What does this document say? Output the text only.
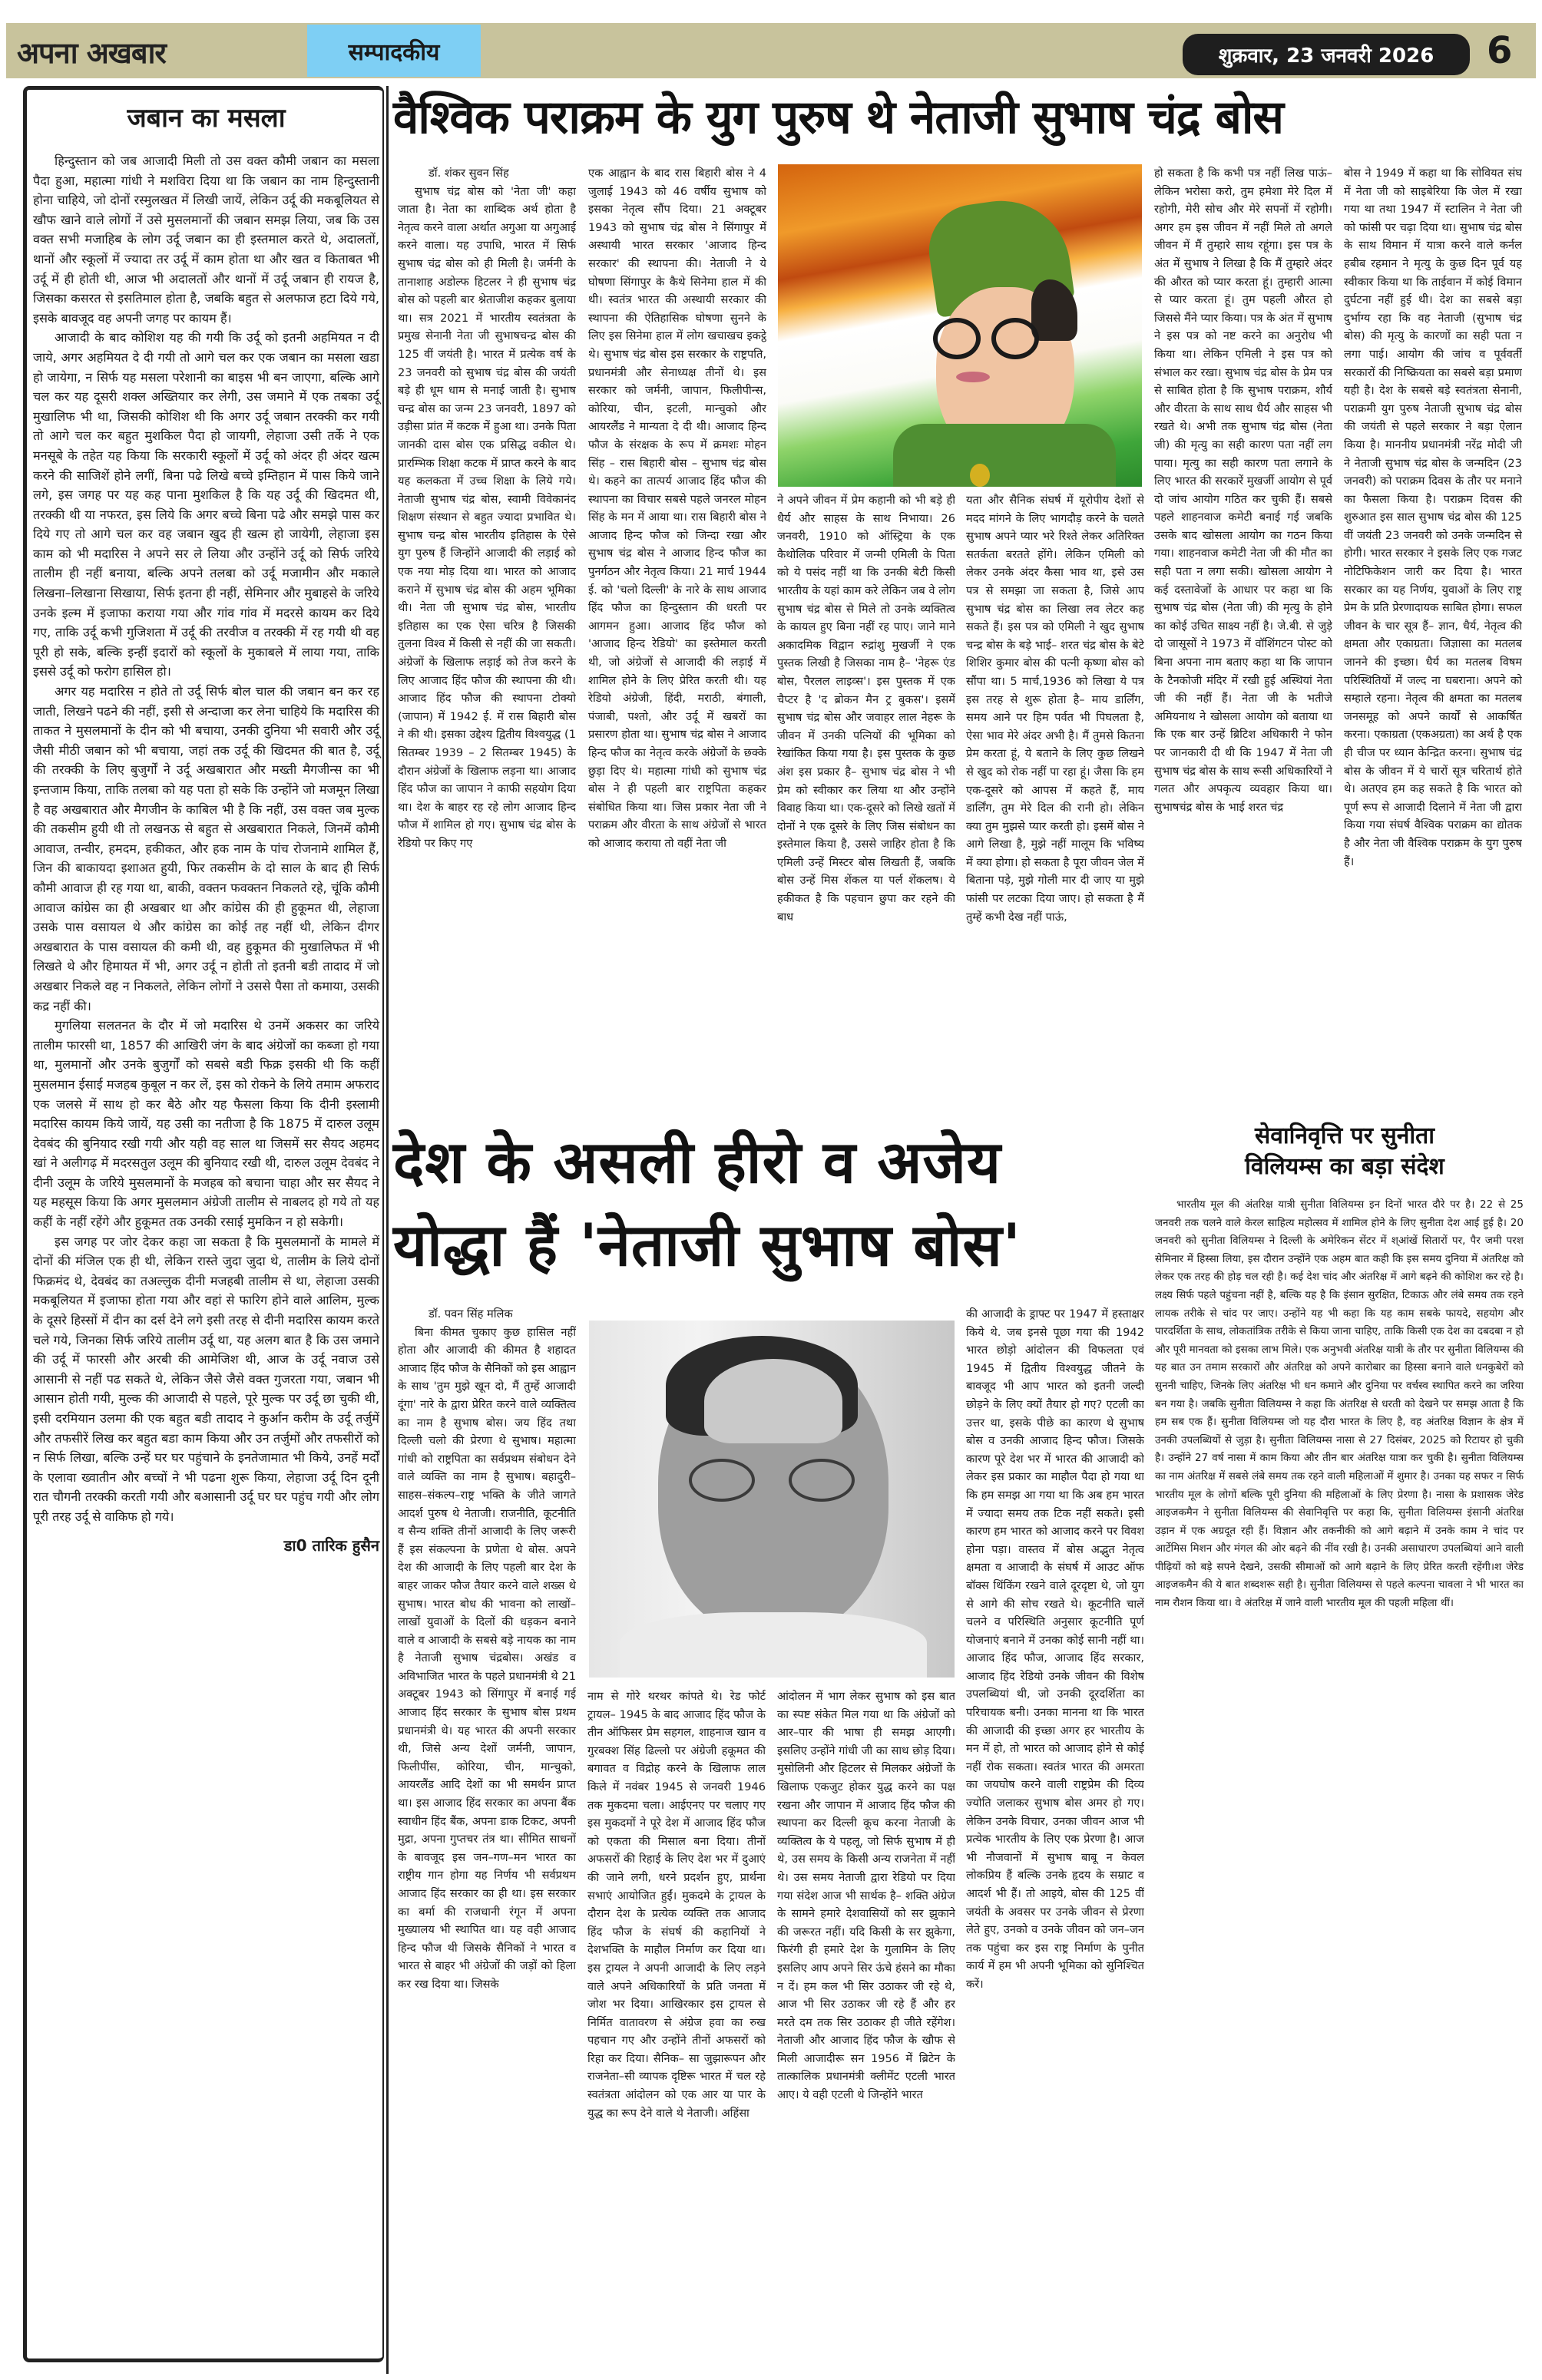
अपना अखबार	सम्पादकीय	शुक्रवार, 23 जनवरी 2026	6
जबान का मसला

हिन्दुस्तान को जब आजादी मिली तो उस वक्त कौमी जबान का मसला पैदा हुआ, महात्मा गांधी ने मशविरा दिया था कि जबान का नाम हिन्दुस्तानी होना चाहिये, जो दोनों रस्मुलखत में लिखी जायें, लेकिन उर्दू की मकबूलियत से खौफ खाने वाले लोगों नें उसे मुसलमानों की जबान समझ लिया, जब कि उस वक्त सभी मजाहिब के लोग उर्दू जबान का ही इस्तमाल करते थे, अदालतों, थानों और स्कूलों में ज्यादा तर उर्दू में काम होता था और खत व किताबत भी उर्दू में ही होती थी, आज भी अदालतों और थानों में उर्दू जबान ही रायज है, जिसका कसरत से इसतिमाल होता है, जबकि बहुत से अलफाज हटा दिये गये, इसके बावजूद वह अपनी जगह पर कायम हैं।

आजादी के बाद कोशिश यह की गयी कि उर्दू को इतनी अहमियत न दी जाये, अगर अहमियत दे दी गयी तो आगे चल कर एक जबान का मसला खडा हो जायेगा, न सिर्फ यह मसला परेशानी का बाइस भी बन जाएगा, बल्कि आगे चल कर यह दूसरी शक्ल अख्तियार कर लेगी, उस जमाने में एक तबका उर्दू मुखालिफ भी था, जिसकी कोशिश थी कि अगर उर्दू जबान तरक्की कर गयी तो आगे चल कर बहुत मुशकिल पैदा हो जायगी, लेहाजा उसी तर्के ने एक मनसूबे के तहेत यह किया कि सरकारी स्कूलों में उर्दू को अंदर ही अंदर खत्म करने की साजिशें होने लगीं, बिना पढे लिखे बच्चे इम्तिहान में पास किये जाने लगे, इस जगह पर यह कह पाना मुशकिल है कि यह उर्दू की खिदमत थी, तरक्की थी या नफरत, इस लिये कि अगर बच्चे बिना पढे और समझे पास कर दिये गए तो आगे चल कर वह जबान खुद ही खत्म हो जायेगी, लेहाजा इस काम को भी मदारिस ने अपने सर ले लिया और उन्होंने उर्दू को सिर्फ जरिये तालीम ही नहीं बनाया, बल्कि अपने तलबा को उर्दू मजामीन और मकाले लिखना–लिखाना सिखाया, सिर्फ इतना ही नहीं, सेमिनार और मुबाहसे के जरिये उनके इल्म में इजाफा कराया गया और गांव गांव में मदरसे कायम कर दिये गए, ताकि उर्दू कभी गुजिशता में उर्दू की तरवीज व तरक्की में रह गयी थी वह पूरी हो सके, बल्कि इन्हीं इदारों को स्कूलों के मुकाबले में लाया गया, ताकि इससे उर्दू को फरोग हासिल हो।

अगर यह मदारिस न होते तो उर्दू सिर्फ बोल चाल की जबान बन कर रह जाती, लिखने पढने की नहीं, इसी से अन्दाजा कर लेना चाहिये कि मदारिस की ताकत ने मुसलमानों के दीन को भी बचाया, उनकी दुनिया भी सवारी और उर्दू जैसी मीठी जबान को भी बचाया, जहां तक उर्दू की खिदमत की बात है, उर्दू की तरक्की के लिए बुजुर्गों ने उर्दू अखबारात और मख्ती मैगजीन्स का भी इन्तजाम किया, ताकि तलबा को यह पता हो सके कि उन्होंने जो मजमून लिखा है वह अखबारात और मैगजीन के काबिल भी है कि नहीं, उस वक्त जब मुल्क की तकसीम हुयी थी तो लखनऊ से बहुत से अखबारात निकले, जिनमें कौमी आवाज, तन्वीर, हमदम, हकीकत, और हक नाम के पांच रोजनामे शामिल हैं, जिन की बाकायदा इशाअत हुयी, फिर तकसीम के दो साल के बाद ही सिर्फ कौमी आवाज ही रह गया था, बाकी, वक्तन फवक्तन निकलते रहे, चूंकि कौमी आवाज कांग्रेस का ही अखबार था और कांग्रेस की ही हुकूमत थी, लेहाजा उसके पास वसायल थे और कांग्रेस का कोई तह नहीं थी, लेकिन दीगर अखबारात के पास वसायल की कमी थी, वह हुकूमत की मुखालिफत में भी लिखते थे और हिमायत में भी, अगर उर्दू न होती तो इतनी बडी तादाद में जो अखबार निकले वह न निकलते, लेकिन लोगों ने उससे पैसा तो कमाया, उसकी कद्र नहीं की।

मुगलिया सलतनत के दौर में जो मदारिस थे उनमें अकसर का जरिये तालीम फारसी था, 1857 की आखिरी जंग के बाद अंग्रेजों का कब्जा हो गया था, मुलमानों और उनके बुजुर्गों को सबसे बडी फिक्र इसकी थी कि कहीं मुसलमान ईसाई मजहब कुबूल न कर लें, इस को रोकने के लिये तमाम अफराद एक जलसे में साथ हो कर बैठे और यह फैसला किया कि दीनी इस्लामी मदारिस कायम किये जायें, यह उसी का नतीजा है कि 1875 में दारुल उलूम देवबंद की बुनियाद रखी गयी और यही वह साल था जिसमें सर सैयद अहमद खां ने अलीगढ़ में मदरसतुल उलूम की बुनियाद रखी थी, दारुल उलूम देवबंद ने दीनी उलूम के जरिये मुसलमानों के मजहब को बचाना चाहा और सर सैयद ने यह महसूस किया कि अगर मुसलमान अंग्रेजी तालीम से नाबलद हो गये तो यह कहीं के नहीं रहेंगे और हुकूमत तक उनकी रसाई मुमकिन न हो सकेगी।

इस जगह पर जोर देकर कहा जा सकता है कि मुसलमानों के मामले में दोनों की मंजिल एक ही थी, लेकिन रास्ते जुदा जुदा थे, तालीम के लिये दोनों फिक्रमंद थे, देवबंद का तअल्लुक दीनी मजहबी तालीम से था, लेहाजा उसकी मकबूलियत में इजाफा होता गया और वहां से फारिग होने वाले आलिम, मुल्क के दूसरे हिस्सों में दीन का दर्स देने लगे इसी तरह से दीनी मदारिस कायम करते चले गये, जिनका सिर्फ जरिये तालीम उर्दू था, यह अलग बात है कि उस जमाने की उर्दू में फारसी और अरबी की आमेजिश थी, आज के उर्दू नवाज उसे आसानी से नहीं पढ सकते थे, लेकिन जैसे जैसे वक्त गुजरता गया, जबान भी आसान होती गयी, मुल्क की आजादी से पहले, पूरे मुल्क पर उर्दू छा चुकी थी, इसी दरमियान उलमा की एक बहुत बडी तादाद ने कुर्आन करीम के उर्दू तर्जुमें और तफसीरें लिख कर बहुत बडा काम किया और उन तर्जुमों और तफसीरों को न सिर्फ लिखा, बल्कि उन्हें घर घर पहुंचाने के इनतेजामात भी किये, उनहें मर्दों के एलावा ख्वातीन और बच्चों ने भी पढना शुरू किया, लेहाजा उर्दू दिन दूनी रात चौगनी तरक्की करती गयी और बआसानी उर्दू घर घर पहुंच गयी और लोग पूरी तरह उर्दू से वाकिफ हो गये।

डा0 तारिक हुसैन
वैश्विक पराक्रम के युग पुरुष थे नेताजी सुभाष चंद्र बोस

डॉ. शंकर सुवन सिंह

सुभाष चंद्र बोस को 'नेता जी' कहा जाता है। नेता का शाब्दिक अर्थ होता है नेतृत्व करने वाला अर्थात अगुआ या अगुआई करने वाला। यह उपाधि, भारत में सिर्फ सुभाष चंद्र बोस को ही मिली है। जर्मनी के तानाशाह अडोल्फ हिटलर ने ही सुभाष चंद्र बोस को पहली बार श्नेताजीश कहकर बुलाया था। सत्र 2021 में भारतीय स्वतंत्रता के प्रमुख सेनानी नेता जी सुभाषचन्द्र बोस की 125 वीं जयंती है। भारत में प्रत्येक वर्ष के 23 जनवरी को सुभाष चंद्र बोस की जयंती बड़े ही धूम धाम से मनाई जाती है। सुभाष चन्द्र बोस का जन्म 23 जनवरी, 1897 को उड़ीसा प्रांत में कटक में हुआ था। उनके पिता जानकी दास बोस एक प्रसिद्ध वकील थे। प्रारम्भिक शिक्षा कटक में प्राप्त करने के बाद यह कलकता में उच्च शिक्षा के लिये गये। नेताजी सुभाष चंद्र बोस, स्वामी विवेकानंद शिक्षण संस्थान से बहुत ज्यादा प्रभावित थे। सुभाष चन्द्र बोस भारतीय इतिहास के ऐसे युग पुरुष हैं जिन्होंने आजादी की लड़ाई को एक नया मोड़ दिया था। भारत को आजाद कराने में सुभाष चंद्र बोस की अहम भूमिका थी। नेता जी सुभाष चंद्र बोस, भारतीय इतिहास का एक ऐसा चरित्र है जिसकी तुलना विश्व में किसी से नहीं की जा सकती। अंग्रेजों के खिलाफ लड़ाई को तेज करने के लिए आजाद हिंद फौज की स्थापना की थी। आजाद हिंद फौज की स्थापना टोक्यो (जापान) में 1942 ई. में रास बिहारी बोस ने की थी। इसका उद्देश्य द्वितीय विश्वयुद्ध (1 सितम्बर 1939 – 2 सितम्बर 1945) के दौरान अंग्रेजों के खिलाफ लड़ना था। आजाद हिंद फौज का जापान ने काफी सहयोग दिया था। देश के बाहर रह रहे लोग आजाद हिन्द फौज में शामिल हो गए। सुभाष चंद्र बोस के रेडियो पर किए गए

एक आह्वान के बाद रास बिहारी बोस ने 4 जुलाई 1943 को 46 वर्षीय सुभाष को इसका नेतृत्व सौंप दिया। 21 अक्टूबर 1943 को सुभाष चंद्र बोस ने सिंगापुर में अस्थायी भारत सरकार 'आजाद हिन्द सरकार' की स्थापना की। नेताजी ने ये घोषणा सिंगापुर के कैथे सिनेमा हाल में की थी। स्वतंत्र भारत की अस्थायी सरकार की स्थापना की ऐतिहासिक घोषणा सुनने के लिए इस सिनेमा हाल में लोग खचाखच इकट्ठे थे। सुभाष चंद्र बोस इस सरकार के राष्ट्रपति, प्रधानमंत्री और सेनाध्यक्ष तीनों थे। इस सरकार को जर्मनी, जापान, फिलीपीन्स, कोरिया, चीन, इटली, मान्चुको और आयरलैंड ने मान्यता दे दी थी। आजाद हिन्द फौज के संरक्षक के रूप में क्रमशः मोहन सिंह – रास बिहारी बोस – सुभाष चंद्र बोस थे। कहने का तात्पर्य आजाद हिंद फौज की स्थापना का विचार सबसे पहले जनरल मोहन सिंह के मन में आया था। रास बिहारी बोस ने आजाद हिन्द फौज को जिन्दा रखा और सुभाष चंद्र बोस ने आजाद हिन्द फौज का पुनर्गठन और नेतृत्व किया। 21 मार्च 1944 ई. को 'चलो दिल्ली' के नारे के साथ आजाद हिंद फौज का हिन्दुस्तान की धरती पर आगमन हुआ। आजाद हिंद फौज को 'आजाद हिन्द रेडियो' का इस्तेमाल करती थी, जो अंग्रेजों से आजादी की लड़ाई में शामिल होने के लिए प्रेरित करती थी। यह रेडियो अंग्रेजी, हिंदी, मराठी, बंगाली, पंजाबी, पश्तो, और उर्दू में खबरों का प्रसारण होता था। सुभाष चंद्र बोस ने आजाद हिन्द फौज का नेतृत्व करके अंग्रेजों के छक्के छुड़ा दिए थे। महात्मा गांधी को सुभाष चंद्र बोस ने ही पहली बार राष्ट्रपिता कहकर संबोधित किया था। जिस प्रकार नेता जी ने पराक्रम और वीरता के साथ अंग्रेजों से भारत को आजाद कराया तो वहीं नेता जी

ने अपने जीवन में प्रेम कहानी को भी बड़े ही धैर्य और साहस के साथ निभाया। 26 जनवरी, 1910 को ऑस्ट्रिया के एक कैथोलिक परिवार में जन्मी एमिली के पिता को ये पसंद नहीं था कि उनकी बेटी किसी भारतीय के यहां काम करे लेकिन जब वे लोग सुभाष चंद्र बोस से मिले तो उनके व्यक्तित्व के कायल हुए बिना नहीं रह पाए। जाने माने अकादमिक विद्वान रुद्रांशु मुखर्जी ने एक पुस्तक लिखी है जिसका नाम है– 'नेहरू एंड बोस, पैरलल लाइव्स'। इस पुस्तक में एक चैप्टर है 'द ब्रोकन मैन ट्र बुकस'। इसमें सुभाष चंद्र बोस और जवाहर लाल नेहरू के जीवन में उनकी पत्नियों की भूमिका को रेखांकित किया गया है। इस पुस्तक के कुछ अंश इस प्रकार है– सुभाष चंद्र बोस ने भी प्रेम को स्वीकार कर लिया था और उन्होंने विवाह किया था। एक-दूसरे को लिखे खतों में दोनों ने एक दूसरे के लिए जिस संबोधन का इस्तेमाल किया है, उससे जाहिर होता है कि एमिली उन्हें मिस्टर बोस लिखती हैं, जबकि बोस उन्हें मिस शेंकल या पर्ल शेंकलष। ये हकीकत है कि पहचान छुपा कर रहने की बाध

यता और सैनिक संघर्ष में यूरोपीय देशों से मदद मांगने के लिए भागदौड़ करने के चलते सुभाष अपने प्यार भरे रिश्ते लेकर अतिरिक्त सतर्कता बरतते होंगे। लेकिन एमिली को लेकर उनके अंदर कैसा भाव था, इसे उस पत्र से समझा जा सकता है, जिसे आप सुभाष चंद्र बोस का लिखा लव लेटर कह सकते हैं। इस पत्र को एमिली ने खुद सुभाष चन्द्र बोस के बड़े भाई– शरत चंद्र बोस के बेटे शिशिर कुमार बोस की पत्नी कृष्णा बोस को सौंपा था। 5 मार्च,1936 को लिखा ये पत्र इस तरह से शुरू होता है– माय डार्लिंग, समय आने पर हिम पर्वत भी पिघलता है, ऐसा भाव मेरे अंदर अभी है। मैं तुमसे कितना प्रेम करता हूं, ये बताने के लिए कुछ लिखने से खुद को रोक नहीं पा रहा हूं। जैसा कि हम एक-दूसरे को आपस में कहते हैं, माय डार्लिंग, तुम मेरे दिल की रानी हो। लेकिन क्या तुम मुझसे प्यार करती हो। इसमें बोस ने आगे लिखा है, मुझे नहीं मालूम कि भविष्य में क्या होगा। हो सकता है पूरा जीवन जेल में बिताना पड़े, मुझे गोली मार दी जाए या मुझे फांसी पर लटका दिया जाए। हो सकता है मैं तुम्हें कभी देख नहीं पाऊं,

हो सकता है कि कभी पत्र नहीं लिख पाऊं– लेकिन भरोसा करो, तुम हमेशा मेरे दिल में रहोगी, मेरी सोच और मेरे सपनों में रहोगी। अगर हम इस जीवन में नहीं मिले तो अगले जीवन में मैं तुम्हारे साथ रहूंगा। इस पत्र के अंत में सुभाष ने लिखा है कि मैं तुम्हारे अंदर की औरत को प्यार करता हूं। तुम्हारी आत्मा से प्यार करता हूं। तुम पहली औरत हो जिससे मैंने प्यार किया। पत्र के अंत में सुभाष ने इस पत्र को नष्ट करने का अनुरोध भी किया था। लेकिन एमिली ने इस पत्र को संभाल कर रखा। सुभाष चंद्र बोस के प्रेम पत्र से साबित होता है कि सुभाष पराक्रम, शौर्य और वीरता के साथ साथ धैर्य और साहस भी रखते थे। अभी तक सुभाष चंद्र बोस (नेता जी) की मृत्यु का सही कारण पता नहीं लग पाया। मृत्यु का सही कारण पता लगाने के लिए भारत की सरकारें मुखर्जी आयोग से पूर्व दो जांच आयोग गठित कर चुकी हैं। सबसे पहले शाहनवाज कमेटी बनाई गई जबकि उसके बाद खोसला आयोग का गठन किया गया। शाहनवाज कमेटी नेता जी की मौत का सही पता न लगा सकी। खोसला आयोग ने कई दस्तावेजों के आधार पर कहा था कि सुभाष चंद्र बोस (नेता जी) की मृत्यु के होने का कोई उचित साक्ष्य नहीं है। जे.बी. से जुड़े दो जासूसों ने 1973 में वॉशिंगटन पोस्ट को बिना अपना नाम बताए कहा था कि जापान के टैनकोजी मंदिर में रखी हुई अस्थियां नेता जी की नहीं हैं। नेता जी के भतीजे अमियनाथ ने खोसला आयोग को बताया था कि एक बार उन्हें ब्रिटिश अधिकारी ने फोन पर जानकारी दी थी कि 1947 में नेता जी सुभाष चंद्र बोस के साथ रूसी अधिकारियों ने गलत और अपकृत्य व्यवहार किया था। सुभाषचंद्र बोस के भाई शरत चंद्र

बोस ने 1949 में कहा था कि सोवियत संघ में नेता जी को साइबेरिया कि जेल में रखा गया था तथा 1947 में स्टालिन ने नेता जी को फांसी पर चढ़ा दिया था। सुभाष चंद्र बोस के साथ विमान में यात्रा करने वाले कर्नल हबीब रहमान ने मृत्यु के कुछ दिन पूर्व यह स्वीकार किया था कि ताईवान में कोई विमान दुर्घटना नहीं हुई थी। देश का सबसे बड़ा दुर्भाग्य रहा कि वह नेताजी (सुभाष चंद्र बोस) की मृत्यु के कारणों का सही पता न लगा पाई। आयोग की जांच व पूर्ववर्ती सरकारों की निष्क्रियता का सबसे बड़ा प्रमाण यही है। देश के सबसे बड़े स्वतंत्रता सेनानी, पराक्रमी युग पुरुष नेताजी सुभाष चंद्र बोस की जयंती से पहले सरकार ने बड़ा ऐलान किया है। माननीय प्रधानमंत्री नरेंद्र मोदी जी ने नेताजी सुभाष चंद्र बोस के जन्मदिन (23 जनवरी) को पराक्रम दिवस के तौर पर मनाने का फैसला किया है। पराक्रम दिवस की शुरुआत इस साल सुभाष चंद्र बोस की 125 वीं जयंती 23 जनवरी को उनके जन्मदिन से होगी। भारत सरकार ने इसके लिए एक गजट नोटिफिकेशन जारी कर दिया है। भारत सरकार का यह निर्णय, युवाओं के लिए राष्ट्र प्रेम के प्रति प्रेरणादायक साबित होगा। सफल जीवन के चार सूत्र हैं– ज्ञान, धैर्य, नेतृत्व की क्षमता और एकाग्रता। जिज्ञासा का मतलब जानने की इच्छा। धैर्य का मतलब विषम परिस्थितियों में जल्द ना घबराना। अपने को सम्हाले रहना। नेतृत्व की क्षमता का मतलब जनसमूह को अपने कार्यों से आकर्षित करना। एकाग्रता (एकअग्रता) का अर्थ है एक ही चीज पर ध्यान केन्द्रित करना। सुभाष चंद्र बोस के जीवन में ये चारों सूत्र चरितार्थ होते थे। अतएव हम कह सकते है कि भारत को पूर्ण रूप से आजादी दिलाने में नेता जी द्वारा किया गया संघर्ष वैश्विक पराक्रम का द्योतक है और नेता जी वैश्विक पराक्रम के युग पुरुष हैं।

देश के असली हीरो व अजेय
योद्धा हैं 'नेताजी सुभाष बोस'

डॉ. पवन सिंह मलिक

बिना कीमत चुकाए कुछ हासिल नहीं होता और आजादी की कीमत है शहादत आजाद हिंद फौज के सैनिकों को इस आह्वान के साथ 'तुम मुझे खून दो, मैं तुम्हें आजादी दूंगा' नारे के द्वारा प्रेरित करने वाले व्यक्तित्व का नाम है सुभाष बोस। जय हिंद तथा दिल्ली चलो की प्रेरणा थे सुभाष। महात्मा गांधी को राष्ट्रपिता का सर्वप्रथम संबोधन देने वाले व्यक्ति का नाम है सुभाष। बहादुरी–साहस–संकल्प–राष्ट्र भक्ति के जीते जागते आदर्श पुरुष थे नेताजी। राजनीति, कूटनीति व सैन्य शक्ति तीनों आजादी के लिए जरूरी हैं इस संकल्पना के प्रणेता थे बोस. अपने देश की आजादी के लिए पहली बार देश के बाहर जाकर फौज तैयार करने वाले शख्स थे सुभाष। भारत बोध की भावना को लाखों–लाखों युवाओं के दिलों की धड़कन बनाने वाले व आजादी के सबसे बड़े नायक का नाम है नेताजी सुभाष चंद्रबोस। अखंड व अविभाजित भारत के पहले प्रधानमंत्री थे 21 अक्टूबर 1943 को सिंगापुर में बनाई गई आजाद हिंद सरकार के सुभाष बोस प्रथम प्रधानमंत्री थे। यह भारत की अपनी सरकार थी, जिसे अन्य देशों जर्मनी, जापान, फिलीपींस, कोरिया, चीन, मान्चुको, आयरलैंड आदि देशों का भी समर्थन प्राप्त था। इस आजाद हिंद सरकार का अपना बैंक स्वाधीन हिंद बैंक, अपना डाक टिकट, अपनी मुद्रा, अपना गुप्तचर तंत्र था। सीमित साधनों के बावजूद इस जन–गण–मन भारत का राष्ट्रीय गान होगा यह निर्णय भी सर्वप्रथम आजाद हिंद सरकार का ही था। इस सरकार का बर्मा की राजधानी रंगून में अपना मुख्यालय भी स्थापित था। यह वही आजाद हिन्द फौज थी जिसके सैनिकों ने भारत व भारत से बाहर भी अंग्रेजों की जड़ों को हिला कर रख दिया था। जिसके

नाम से गोरे थरथर कांपते थे। रेड फोर्ट ट्रायल– 1945 के बाद आजाद हिंद फौज के तीन ऑफिसर प्रेम सहगल, शाहनाज खान व गुरबक्श सिंह ढिल्लो पर अंग्रेजी हकूमत की बगावत व विद्रोह करने के खिलाफ लाल किले में नवंबर 1945 से जनवरी 1946 तक मुकदमा चला। आईएनए पर चलाए गए इस मुकदमों ने पूरे देश में आजाद हिंद फौज को एकता की मिसाल बना दिया। तीनों अफसरों की रिहाई के लिए देश भर में दुआएं की जाने लगी, धरने प्रदर्शन हुए, प्रार्थना सभाएं आयोजित हुईं। मुकदमे के ट्रायल के दौरान देश के प्रत्येक व्यक्ति तक आजाद हिंद फौज के संघर्ष की कहानियों ने देशभक्ति के माहौल निर्माण कर दिया था। इस ट्रायल ने अपनी आजादी के लिए लड़ने वाले अपने अधिकारियों के प्रति जनता में जोश भर दिया। आखिरकार इस ट्रायल से निर्मित वातावरण से अंग्रेज हवा का रुख पहचान गए और उन्होंने तीनों अफसरों को रिहा कर दिया। सैनिक– सा जुझारूपन और राजनेता–सी व्यापक दृष्टिरू भारत में चल रहे स्वतंत्रता आंदोलन को एक आर या पार के युद्ध का रूप देने वाले थे नेताजी। अहिंसा

आंदोलन में भाग लेकर सुभाष को इस बात का स्पष्ट संकेत मिल गया था कि अंग्रेजों को आर–पार की भाषा ही समझ आएगी। इसलिए उन्होंने गांधी जी का साथ छोड़ दिया। मुसोलिनी और हिटलर से मिलकर अंग्रेजों के खिलाफ एकजुट होकर युद्ध करने का पक्ष रखना और जापान में आजाद हिंद फौज की स्थापना कर दिल्ली कूच करना नेताजी के व्यक्तित्व के ये पहलू, जो सिर्फ सुभाष में ही थे, उस समय के किसी अन्य राजनेता में नहीं थे। उस समय नेताजी द्वारा रेडियो पर दिया गया संदेश आज भी सार्थक है– शक्ति अंग्रेज के सामने हमारे देशवासियों को सर झुकाने की जरूरत नहीं। यदि किसी के सर झुकेगा, फिरंगी ही हमारे देश के गुलामिन के लिए इसलिए आप अपने सिर ऊंचे हंसने का मौका न दें। हम कल भी सिर उठाकर जी रहे थे, आज भी सिर उठाकर जी रहे हैं और हर मरते दम तक सिर उठाकर ही जीते रहेंगेश। नेताजी और आजाद हिंद फौज के खौफ से मिली आजादीरू सन 1956 में ब्रिटेन के तात्कालिक प्रधानमंत्री क्लीमेंट एटली भारत आए। ये वही एटली थे जिन्होंने भारत

की आजादी के ड्राफ्ट पर 1947 में हस्ताक्षर किये थे. जब इनसे पूछा गया की 1942 भारत छोड़ो आंदोलन की विफलता एवं 1945 में द्वितीय विश्वयुद्ध जीतने के बावजूद भी आप भारत को इतनी जल्दी छोड़ने के लिए क्यों तैयार हो गए? एटली का उत्तर था, इसके पीछे का कारण थे सुभाष बोस व उनकी आजाद हिन्द फौज। जिसके कारण पूरे देश भर में भारत की आजादी को लेकर इस प्रकार का माहौल पैदा हो गया था कि हम समझ आ गया था कि अब हम भारत में ज्यादा समय तक टिक नहीं सकते। इसी कारण हम भारत को आजाद करने पर विवश होना पड़ा। वास्तव में बोस अद्भुत नेतृत्व क्षमता व आजादी के संघर्ष में आउट ऑफ बॉक्स थिंकिंग रखने वाले दूरदृष्टा थे, जो युग से आगे की सोच रखते थे। कूटनीति चालें चलने व परिस्थिति अनुसार कूटनीति पूर्ण योजनाएं बनाने में उनका कोई सानी नहीं था। आजाद हिंद फौज, आजाद हिंद सरकार, आजाद हिंद रेडियो उनके जीवन की विशेष उपलब्धियां थी, जो उनकी दूरदर्शिता का परिचायक बनी। उनका मानना था कि भारत की आजादी की इच्छा अगर हर भारतीय के मन में हो, तो भारत को आजाद होने से कोई नहीं रोक सकता। स्वतंत्र भारत की अमरता का जयघोष करने वाली राष्ट्रप्रेम की दिव्य ज्योति जलाकर सुभाष बोस अमर हो गए। लेकिन उनके विचार, उनका जीवन आज भी प्रत्येक भारतीय के लिए एक प्रेरणा है। आज भी नौजवानों में सुभाष बाबू न केवल लोकप्रिय हैं बल्कि उनके हृदय के सम्राट व आदर्श भी हैं। तो आइये, बोस की 125 वीं जयंती के अवसर पर उनके जीवन से प्रेरणा लेते हुए, उनको व उनके जीवन को जन–जन तक पहुंचा कर इस राष्ट्र निर्माण के पुनीत कार्य में हम भी अपनी भूमिका को सुनिश्चित करें।

सेवानिवृत्ति पर सुनीता
विलियम्स का बड़ा संदेश

भारतीय मूल की अंतरिक्ष यात्री सुनीता विलियम्स इन दिनों भारत दौरे पर है। 22 से 25 जनवरी तक चलने वाले केरल साहित्य महोत्सव में शामिल होने के लिए सुनीता देश आई हुई है। 20 जनवरी को सुनीता विलियम्स ने दिल्ली के अमेरिकन सेंटर में श्आंखें सितारों पर, पैर जमी परश सेमिनार में हिस्सा लिया, इस दौरान उन्होंने एक अहम बात कही कि इस समय दुनिया में अंतरिक्ष को लेकर एक तरह की होड़ चल रही है। कई देश चांद और अंतरिक्ष में आगे बढ़ने की कोशिश कर रहे है। लक्ष्य सिर्फ पहले पहुंचना नहीं है, बल्कि यह है कि इंसान सुरक्षित, टिकाऊ और लंबे समय तक रहने लायक तरीके से चांद पर जाए। उन्होंने यह भी कहा कि यह काम सबके फायदे, सहयोग और पारदर्शिता के साथ, लोकतांत्रिक तरीके से किया जाना चाहिए, ताकि किसी एक देश का दबदबा न हो और पूरी मानवता को इसका लाभ मिले। एक अनुभवी अंतरिक्ष यात्री के तौर पर सुनीता विलियम्स की यह बात उन तमाम सरकारों और अंतरिक्ष को अपने कारोबार का हिस्सा बनाने वाले धनकुबेरों को सुननी चाहिए, जिनके लिए अंतरिक्ष भी धन कमाने और दुनिया पर वर्चस्व स्थापित करने का जरिया बन गया है। जबकि सुनीता विलियम्स ने कहा कि अंतरिक्ष से धरती को देखने पर समझ आता है कि हम सब एक हैं। सुनीता विलियम्स जो यह दौरा भारत के लिए है, वह अंतरिक्ष विज्ञान के क्षेत्र में उनकी उपलब्धियों से जुड़ा है। सुनीता विलियम्स नासा से 27 दिसंबर, 2025 को रिटायर हो चुकी है। उन्होंने 27 वर्ष नासा में काम किया और तीन बार अंतरिक्ष यात्रा कर चुकी है। सुनीता विलियम्स का नाम अंतरिक्ष में सबसे लंबे समय तक रहने वाली महिलाओं में शुमार है। उनका यह सफर न सिर्फ भारतीय मूल के लोगों बल्कि पूरी दुनिया की महिलाओं के लिए प्रेरणा है। नासा के प्रशासक जेरेड आइजकमैन ने सुनीता विलियम्स की सेवानिवृत्ति पर कहा कि, सुनीता विलियम्स इंसानी अंतरिक्ष उड़ान में एक अग्रदूत रही हैं। विज्ञान और तकनीकी को आगे बढ़ाने में उनके काम ने चांद पर आर्टेमिस मिशन और मंगल की ओर बढ़ने की नींव रखी है। उनकी असाधारण उपलब्धियां आने वाली पीढ़ियों को बड़े सपने देखने, उसकी सीमाओं को आगे बढ़ाने के लिए प्रेरित करती रहेंगी।श जेरेड आइजकमैन की ये बात शब्दशरू सही है। सुनीता विलियम्स से पहले कल्पना चावला ने भी भारत का नाम रौशन किया था। वे अंतरिक्ष में जाने वाली भारतीय मूल की पहली महिला थीं।
